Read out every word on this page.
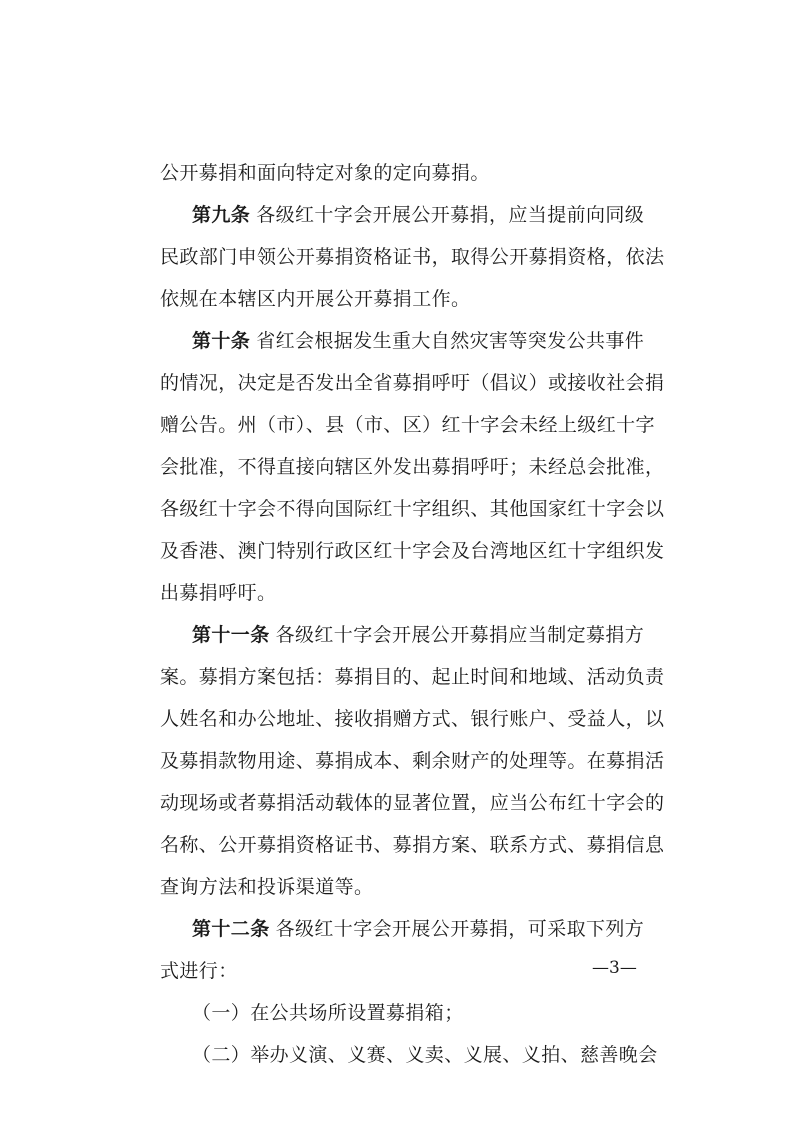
公开募捐和面向特定对象的定向募捐。
第九条 各级红十字会开展公开募捐，应当提前向同级
民政部门申领公开募捐资格证书，取得公开募捐资格，依法
依规在本辖区内开展公开募捐工作。
第十条 省红会根据发生重大自然灾害等突发公共事件
的情况，决定是否发出全省募捐呼吁（倡议）或接收社会捐
赠公告。州（市）、县（市、区）红十字会未经上级红十字
会批准，不得直接向辖区外发出募捐呼吁；未经总会批准，
各级红十字会不得向国际红十字组织、其他国家红十字会以
及香港、澳门特别行政区红十字会及台湾地区红十字组织发
出募捐呼吁。
第十一条 各级红十字会开展公开募捐应当制定募捐方
案。募捐方案包括：募捐目的、起止时间和地域、活动负责
人姓名和办公地址、接收捐赠方式、银行账户、受益人，以
及募捐款物用途、募捐成本、剩余财产的处理等。在募捐活
动现场或者募捐活动载体的显著位置，应当公布红十字会的
名称、公开募捐资格证书、募捐方案、联系方式、募捐信息
查询方法和投诉渠道等。
第十二条 各级红十字会开展公开募捐，可采取下列方
式进行：
（一）在公共场所设置募捐箱；
（二）举办义演、义赛、义卖、义展、义拍、慈善晚会
—3—
